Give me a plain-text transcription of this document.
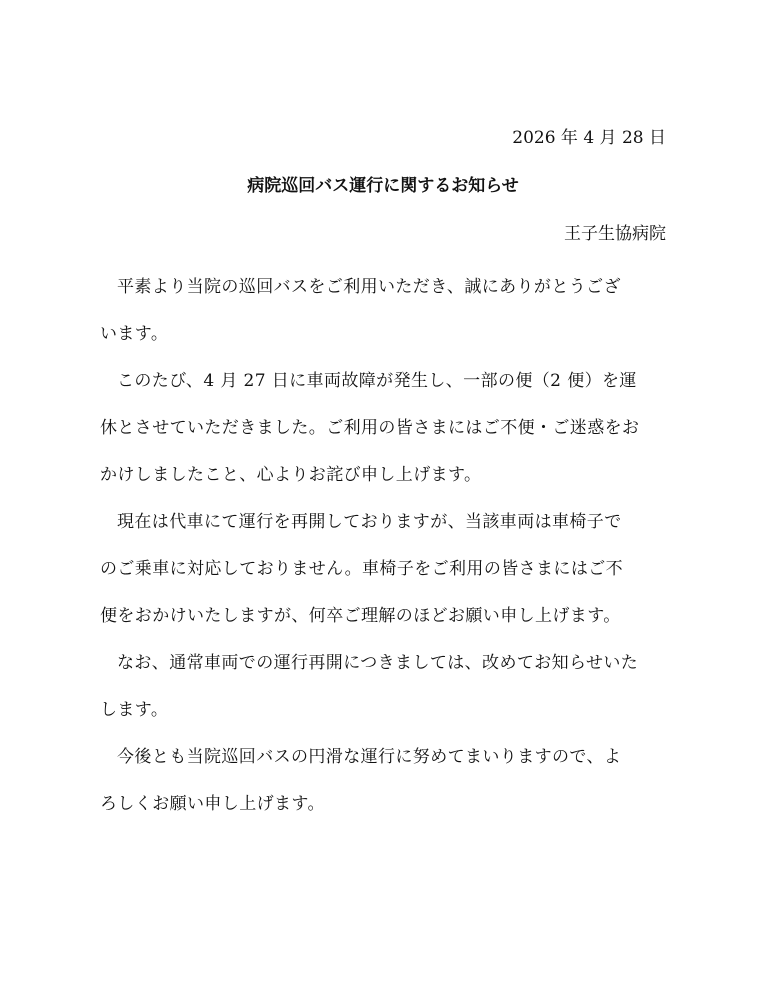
2026 年 4 月 28 日
病院巡回バス運行に関するお知らせ
王子生協病院

平素より当院の巡回バスをご利用いただき、誠にありがとうござ
います。

このたび、4 月 27 日に車両故障が発生し、一部の便（2 便）を運
休とさせていただきました。ご利用の皆さまにはご不便・ご迷惑をお
かけしましたこと、心よりお詫び申し上げます。

現在は代車にて運行を再開しておりますが、当該車両は車椅子で
のご乗車に対応しておりません。車椅子をご利用の皆さまにはご不
便をおかけいたしますが、何卒ご理解のほどお願い申し上げます。

なお、通常車両での運行再開につきましては、改めてお知らせいた
します。

今後とも当院巡回バスの円滑な運行に努めてまいりますので、よ
ろしくお願い申し上げます。
